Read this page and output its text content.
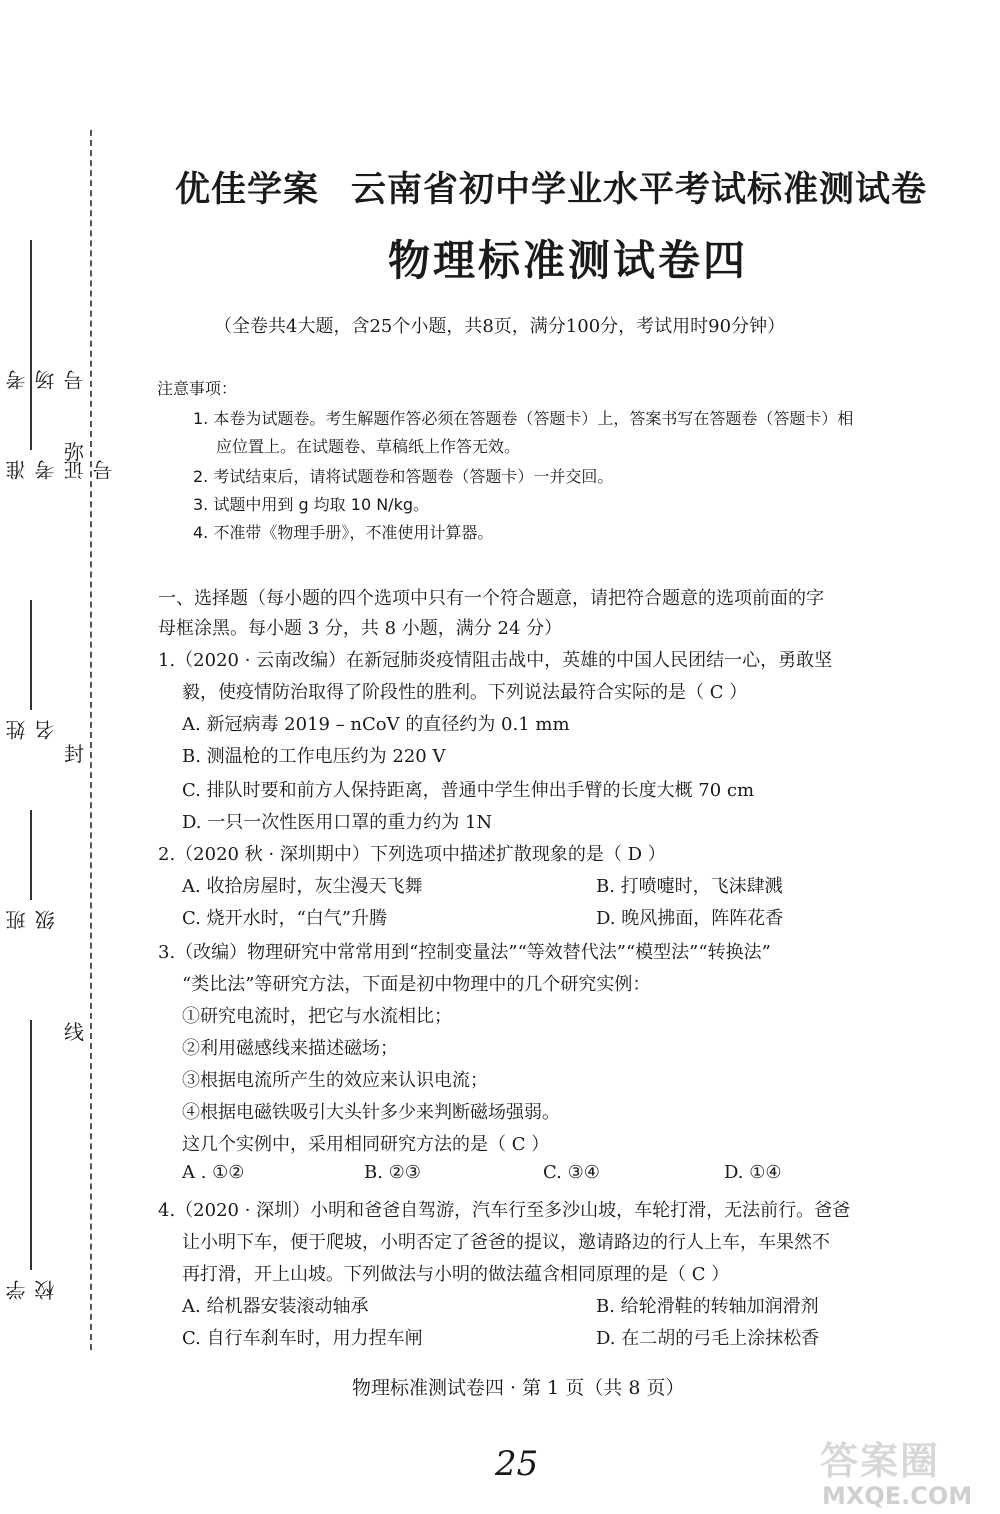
考场号
准考证号
姓名
班级
学校
弥
封
线
优佳学案 云南省初中学业水平考试标准测试卷
物理标准测试卷四
（全卷共4大题，含25个小题，共8页，满分100分，考试用时90分钟）
注意事项：
1. 本卷为试题卷。考生解题作答必须在答题卷（答题卡）上，答案书写在答题卷（答题卡）相
应位置上。在试题卷、草稿纸上作答无效。
2. 考试结束后，请将试题卷和答题卷（答题卡）一并交回。
3. 试题中用到 g 均取 10 N/kg。
4. 不准带《物理手册》，不准使用计算器。
一、选择题（每小题的四个选项中只有一个符合题意，请把符合题意的选项前面的字
母框涂黑。每小题 3 分，共 8 小题，满分 24 分）
1.（2020 · 云南改编）在新冠肺炎疫情阻击战中，英雄的中国人民团结一心，勇敢坚
毅，使疫情防治取得了阶段性的胜利。下列说法最符合实际的是（ C ）
A. 新冠病毒 2019 – nCoV 的直径约为 0.1 mm
B. 测温枪的工作电压约为 220 V
C. 排队时要和前方人保持距离，普通中学生伸出手臂的长度大概 70 cm
D. 一只一次性医用口罩的重力约为 1N
2.（2020 秋 · 深圳期中）下列选项中描述扩散现象的是（ D ）
A. 收拾房屋时，灰尘漫天飞舞	B. 打喷嚏时，飞沫肆溅
C. 烧开水时，“白气”升腾	D. 晚风拂面，阵阵花香
3.（改编）物理研究中常常用到“控制变量法”“等效替代法”“模型法”“转换法”
“类比法”等研究方法，下面是初中物理中的几个研究实例：
①研究电流时，把它与水流相比；
②利用磁感线来描述磁场；
③根据电流所产生的效应来认识电流；
④根据电磁铁吸引大头针多少来判断磁场强弱。
这几个实例中，采用相同研究方法的是（ C ）
A . ①②	B. ②③	C. ③④	D. ①④
4.（2020 · 深圳）小明和爸爸自驾游，汽车行至多沙山坡，车轮打滑，无法前行。爸爸
让小明下车，便于爬坡，小明否定了爸爸的提议，邀请路边的行人上车，车果然不
再打滑，开上山坡。下列做法与小明的做法蕴含相同原理的是（ C ）
A. 给机器安装滚动轴承	B. 给轮滑鞋的转轴加润滑剂
C. 自行车刹车时，用力捏车闸	D. 在二胡的弓毛上涂抹松香
物理标准测试卷四 · 第 1 页（共 8 页）
25	答案圈
MXQE.COM
